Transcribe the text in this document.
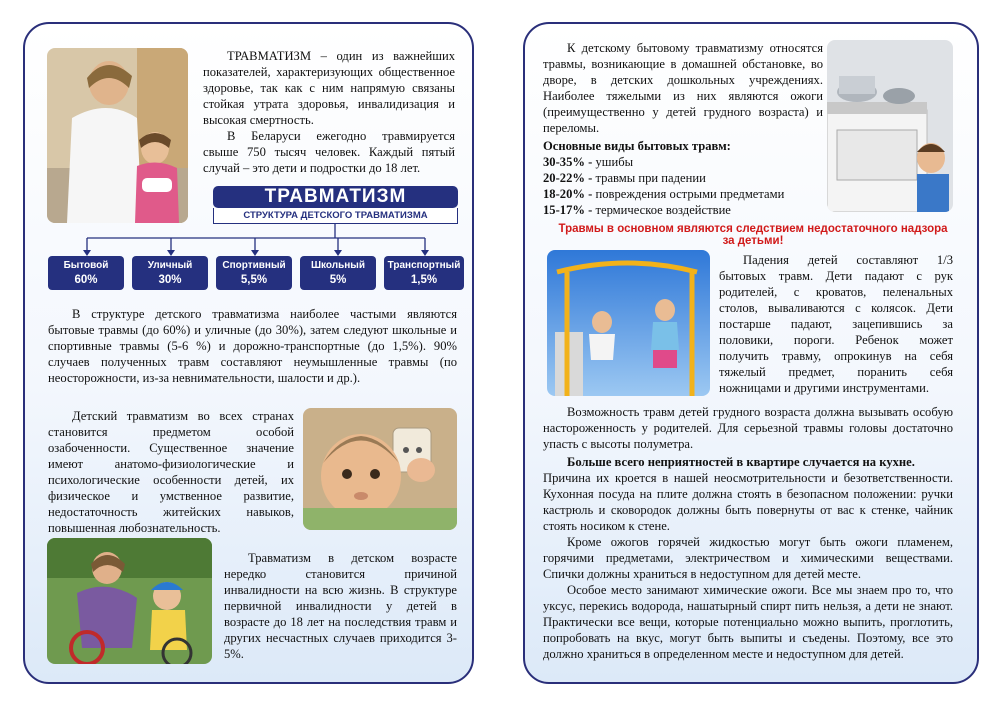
ТРАВМАТИЗМ – один из важнейших показателей, характеризующих общественное здоровье, так как с ним напрямую связаны стойкая утрата здоровья, инвалидизация и высокая смертность.

В Беларуси ежегодно травмируется свыше 750 тысяч человек. Каждый пятый случай – это дети и подростки до 18 лет.

ТРАВМАТИЗМ
СТРУКТУРА ДЕТСКОГО ТРАВМАТИЗМА
Бытовой
60%
Уличный
30%
Спортивный
5,5%
Школьный
5%
Транспортный
1,5%

В структуре детского травматизма наиболее частыми являются бытовые травмы (до 60%) и уличные (до 30%), затем следуют школьные и спортивные травмы (5-6 %) и дорожно-транспортные (до 1,5%). 90% случаев полученных травм составляют неумышленные травмы (по неосторожности, из-за невнимательности, шалости и др.).

Детский травматизм во всех странах становится предметом особой озабоченности. Существенное значение имеют анатомо-физиологические и психологические особенности детей, их физическое и умственное развитие, недостаточность житейских навыков, повышенная любознательность.

Травматизм в детском возрасте нередко становится причиной инвалидности на всю жизнь. В структуре первичной инвалидности у детей в возрасте до 18 лет на последствия травм и других несчастных случаев приходится 3-5%.

К детскому бытовому травматизму относятся травмы, возникающие в домашней обстановке, во дворе, в детских дошкольных учреждениях. Наиболее тяжелыми из них являются ожоги (преимущественно у детей грудного возраста) и переломы.

Основные виды бытовых травм:

30-35% - ушибы

20-22% - травмы при падении

18-20% - повреждения острыми предметами

15-17% - термическое воздействие

Травмы в основном являются следствием недостаточного надзора за детьми!

Падения детей составляют 1/3 бытовых травм. Дети падают с рук родителей, с кроватов, пеленальных столов, вываливаются с колясок. Дети постарше падают, зацепившись за половики, пороги. Ребенок может получить травму, опрокинув на себя тяжелый предмет, поранить себя ножницами и другими инструментами.

Возможность травм детей грудного возраста должна вызывать особую настороженность у родителей. Для серьезной травмы головы достаточно упасть с высоты полуметра.

Больше всего неприятностей в квартире случается на кухне.

Причина их кроется в нашей неосмотрительности и безответственности. Кухонная посуда на плите должна стоять в безопасном положении: ручки кастрюль и сковородок должны быть повернуты от вас к стенке, чайник стоять носиком к стене.

Кроме ожогов горячей жидкостью могут быть ожоги пламенем, горячими предметами, электричеством и химическими веществами. Спички должны храниться в недоступном для детей месте.

Особое место занимают химические ожоги. Все мы знаем про то, что уксус, перекись водорода, нашатырный спирт пить нельзя, а дети не знают. Практически все вещи, которые потенциально можно выпить, проглотить, попробовать на вкус, могут быть выпиты и съедены. Поэтому, все это должно храниться в определенном месте и недоступном для детей.
